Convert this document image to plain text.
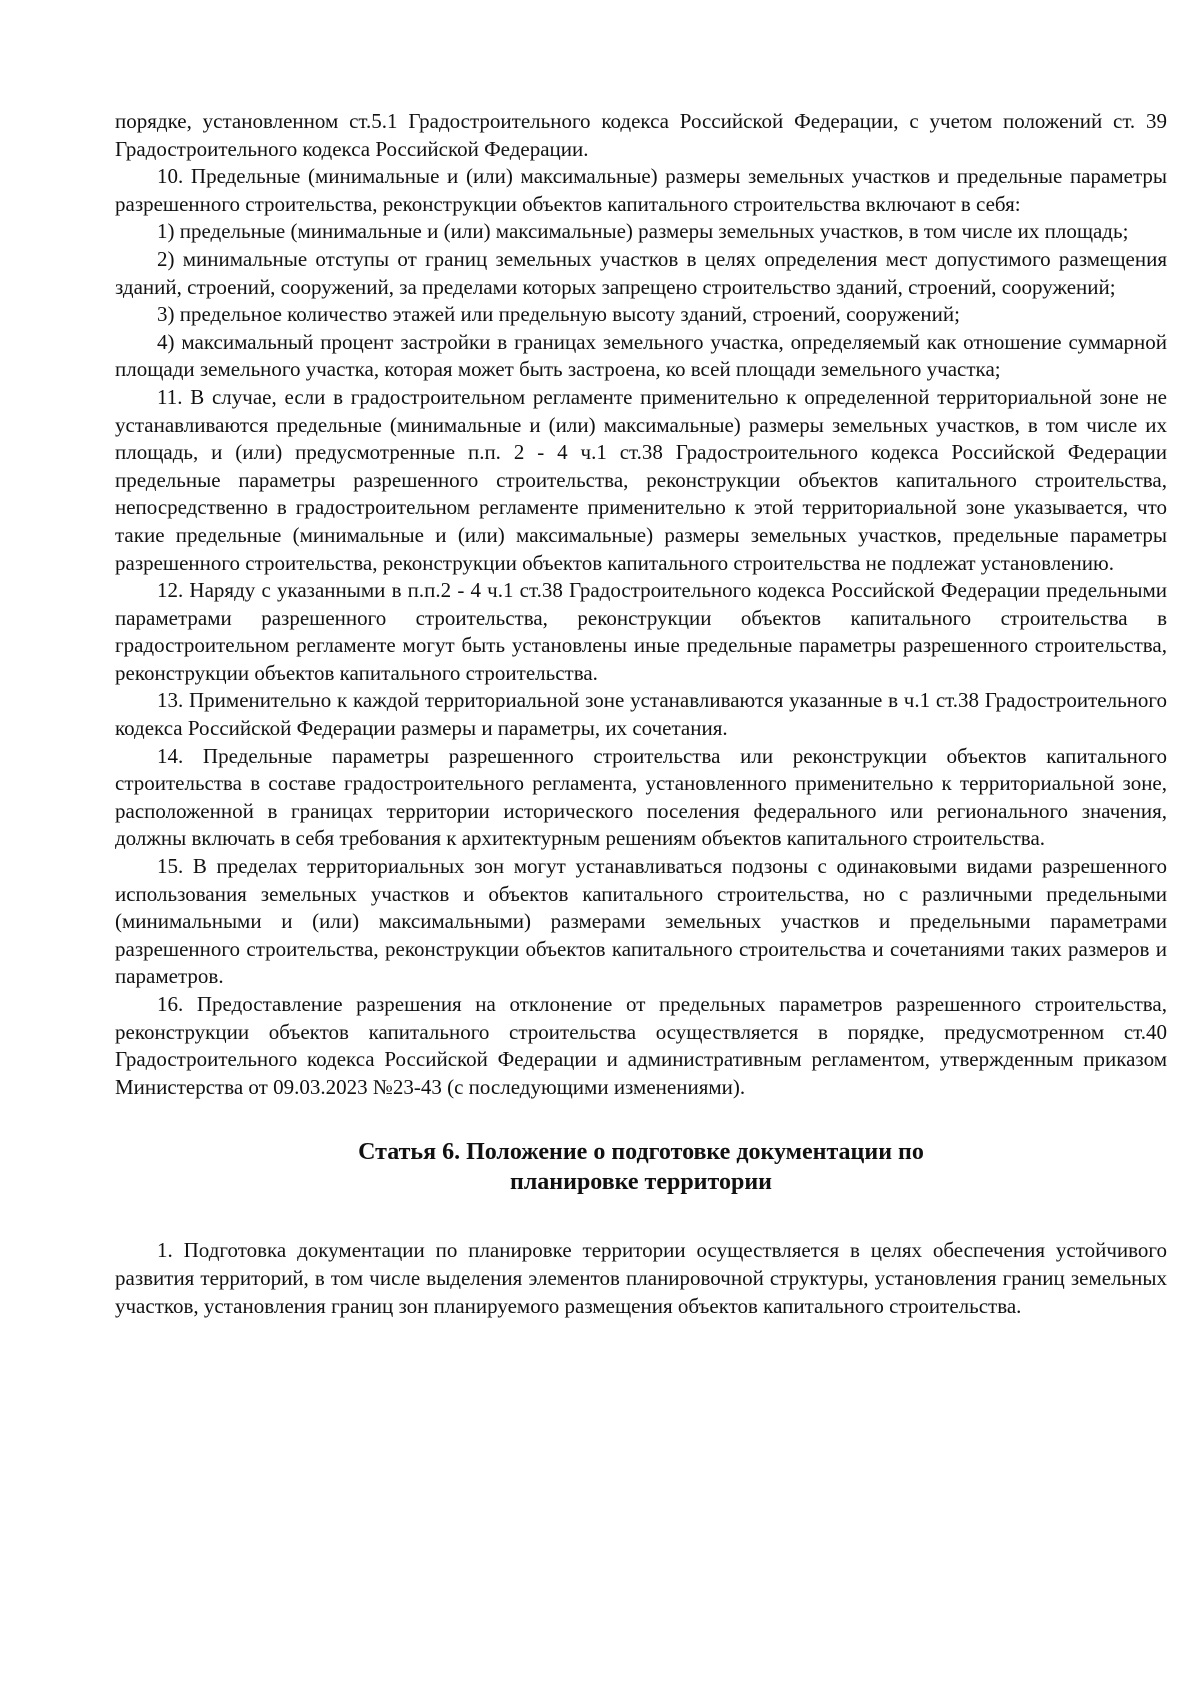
порядке, установленном ст.5.1 Градостроительного кодекса Российской Федерации, с учетом положений ст. 39 Градостроительного кодекса Российской Федерации.

10. Предельные (минимальные и (или) максимальные) размеры земельных участков и предельные параметры разрешенного строительства, реконструкции объектов капитального строительства включают в себя:

1) предельные (минимальные и (или) максимальные) размеры земельных участков, в том числе их площадь;

2) минимальные отступы от границ земельных участков в целях определения мест допустимого размещения зданий, строений, сооружений, за пределами которых запрещено строительство зданий, строений, сооружений;

3) предельное количество этажей или предельную высоту зданий, строений, сооружений;

4) максимальный процент застройки в границах земельного участка, определяемый как отношение суммарной площади земельного участка, которая может быть застроена, ко всей площади земельного участка;

11. В случае, если в градостроительном регламенте применительно к определенной территориальной зоне не устанавливаются предельные (минимальные и (или) максимальные) размеры земельных участков, в том числе их площадь, и (или) предусмотренные п.п. 2 - 4 ч.1 ст.38 Градостроительного кодекса Российской Федерации предельные параметры разрешенного строительства, реконструкции объектов капитального строительства, непосредственно в градостроительном регламенте применительно к этой территориальной зоне указывается, что такие предельные (минимальные и (или) максимальные) размеры земельных участков, предельные параметры разрешенного строительства, реконструкции объектов капитального строительства не подлежат установлению.

12. Наряду с указанными в п.п.2 - 4 ч.1 ст.38 Градостроительного кодекса Российской Федерации предельными параметрами разрешенного строительства, реконструкции объектов капитального строительства в градостроительном регламенте могут быть установлены иные предельные параметры разрешенного строительства, реконструкции объектов капитального строительства.

13. Применительно к каждой территориальной зоне устанавливаются указанные в ч.1 ст.38 Градостроительного кодекса Российской Федерации размеры и параметры, их сочетания.

14. Предельные параметры разрешенного строительства или реконструкции объектов капитального строительства в составе градостроительного регламента, установленного применительно к территориальной зоне, расположенной в границах территории исторического поселения федерального или регионального значения, должны включать в себя требования к архитектурным решениям объектов капитального строительства.

15. В пределах территориальных зон могут устанавливаться подзоны с одинаковыми видами разрешенного использования земельных участков и объектов капитального строительства, но с различными предельными (минимальными и (или) максимальными) размерами земельных участков и предельными параметрами разрешенного строительства, реконструкции объектов капитального строительства и сочетаниями таких размеров и параметров.

16. Предоставление разрешения на отклонение от предельных параметров разрешенного строительства, реконструкции объектов капитального строительства осуществляется в порядке, предусмотренном ст.40 Градостроительного кодекса Российской Федерации и административным регламентом, утвержденным приказом Министерства от 09.03.2023 №23-43 (с последующими изменениями).

Статья 6. Положение о подготовке документации по
планировке территории

1. Подготовка документации по планировке территории осуществляется в целях обеспечения устойчивого развития территорий, в том числе выделения элементов планировочной структуры, установления границ земельных участков, установления границ зон планируемого размещения объектов капитального строительства.
